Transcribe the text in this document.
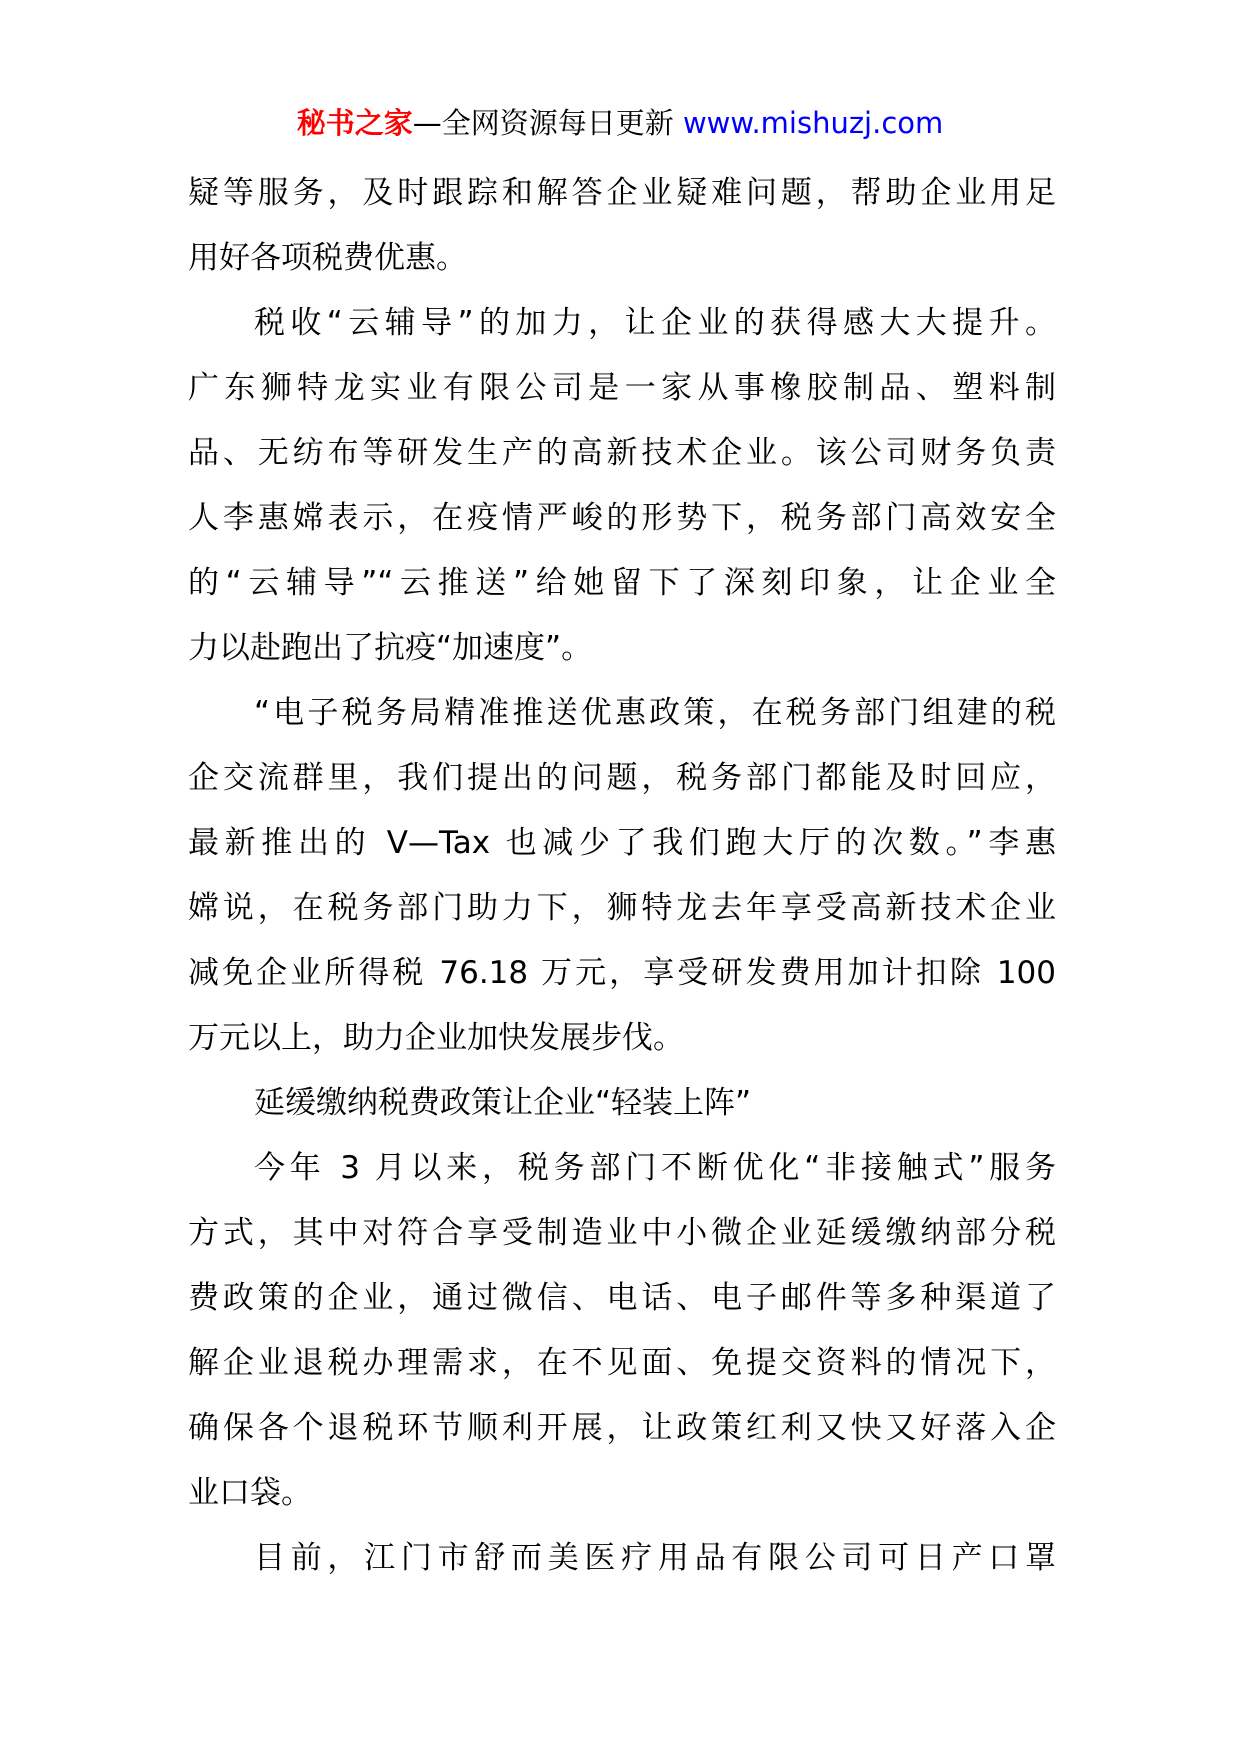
秘书之家—全网资源每日更新 www.mishuzj.com
疑等服务，及时跟踪和解答企业疑难问题，帮助企业用足
用好各项税费优惠。
税收“云辅导”的加力，让企业的获得感大大提升。
广东狮特龙实业有限公司是一家从事橡胶制品、塑料制
品、无纺布等研发生产的高新技术企业。该公司财务负责
人李惠嫦表示，在疫情严峻的形势下，税务部门高效安全
的“云辅导”“云推送”给她留下了深刻印象，让企业全
力以赴跑出了抗疫“加速度”。
“电子税务局精准推送优惠政策，在税务部门组建的税
企交流群里，我们提出的问题，税务部门都能及时回应，
最新推出的 V—Tax 也减少了我们跑大厅的次数。”李惠
嫦说，在税务部门助力下，狮特龙去年享受高新技术企业
减免企业所得税 76.18 万元，享受研发费用加计扣除 100
万元以上，助力企业加快发展步伐。
延缓缴纳税费政策让企业“轻装上阵”
今年 3 月以来，税务部门不断优化“非接触式”服务
方式，其中对符合享受制造业中小微企业延缓缴纳部分税
费政策的企业，通过微信、电话、电子邮件等多种渠道了
解企业退税办理需求，在不见面、免提交资料的情况下，
确保各个退税环节顺利开展，让政策红利又快又好落入企
业口袋。
目前，江门市舒而美医疗用品有限公司可日产口罩
